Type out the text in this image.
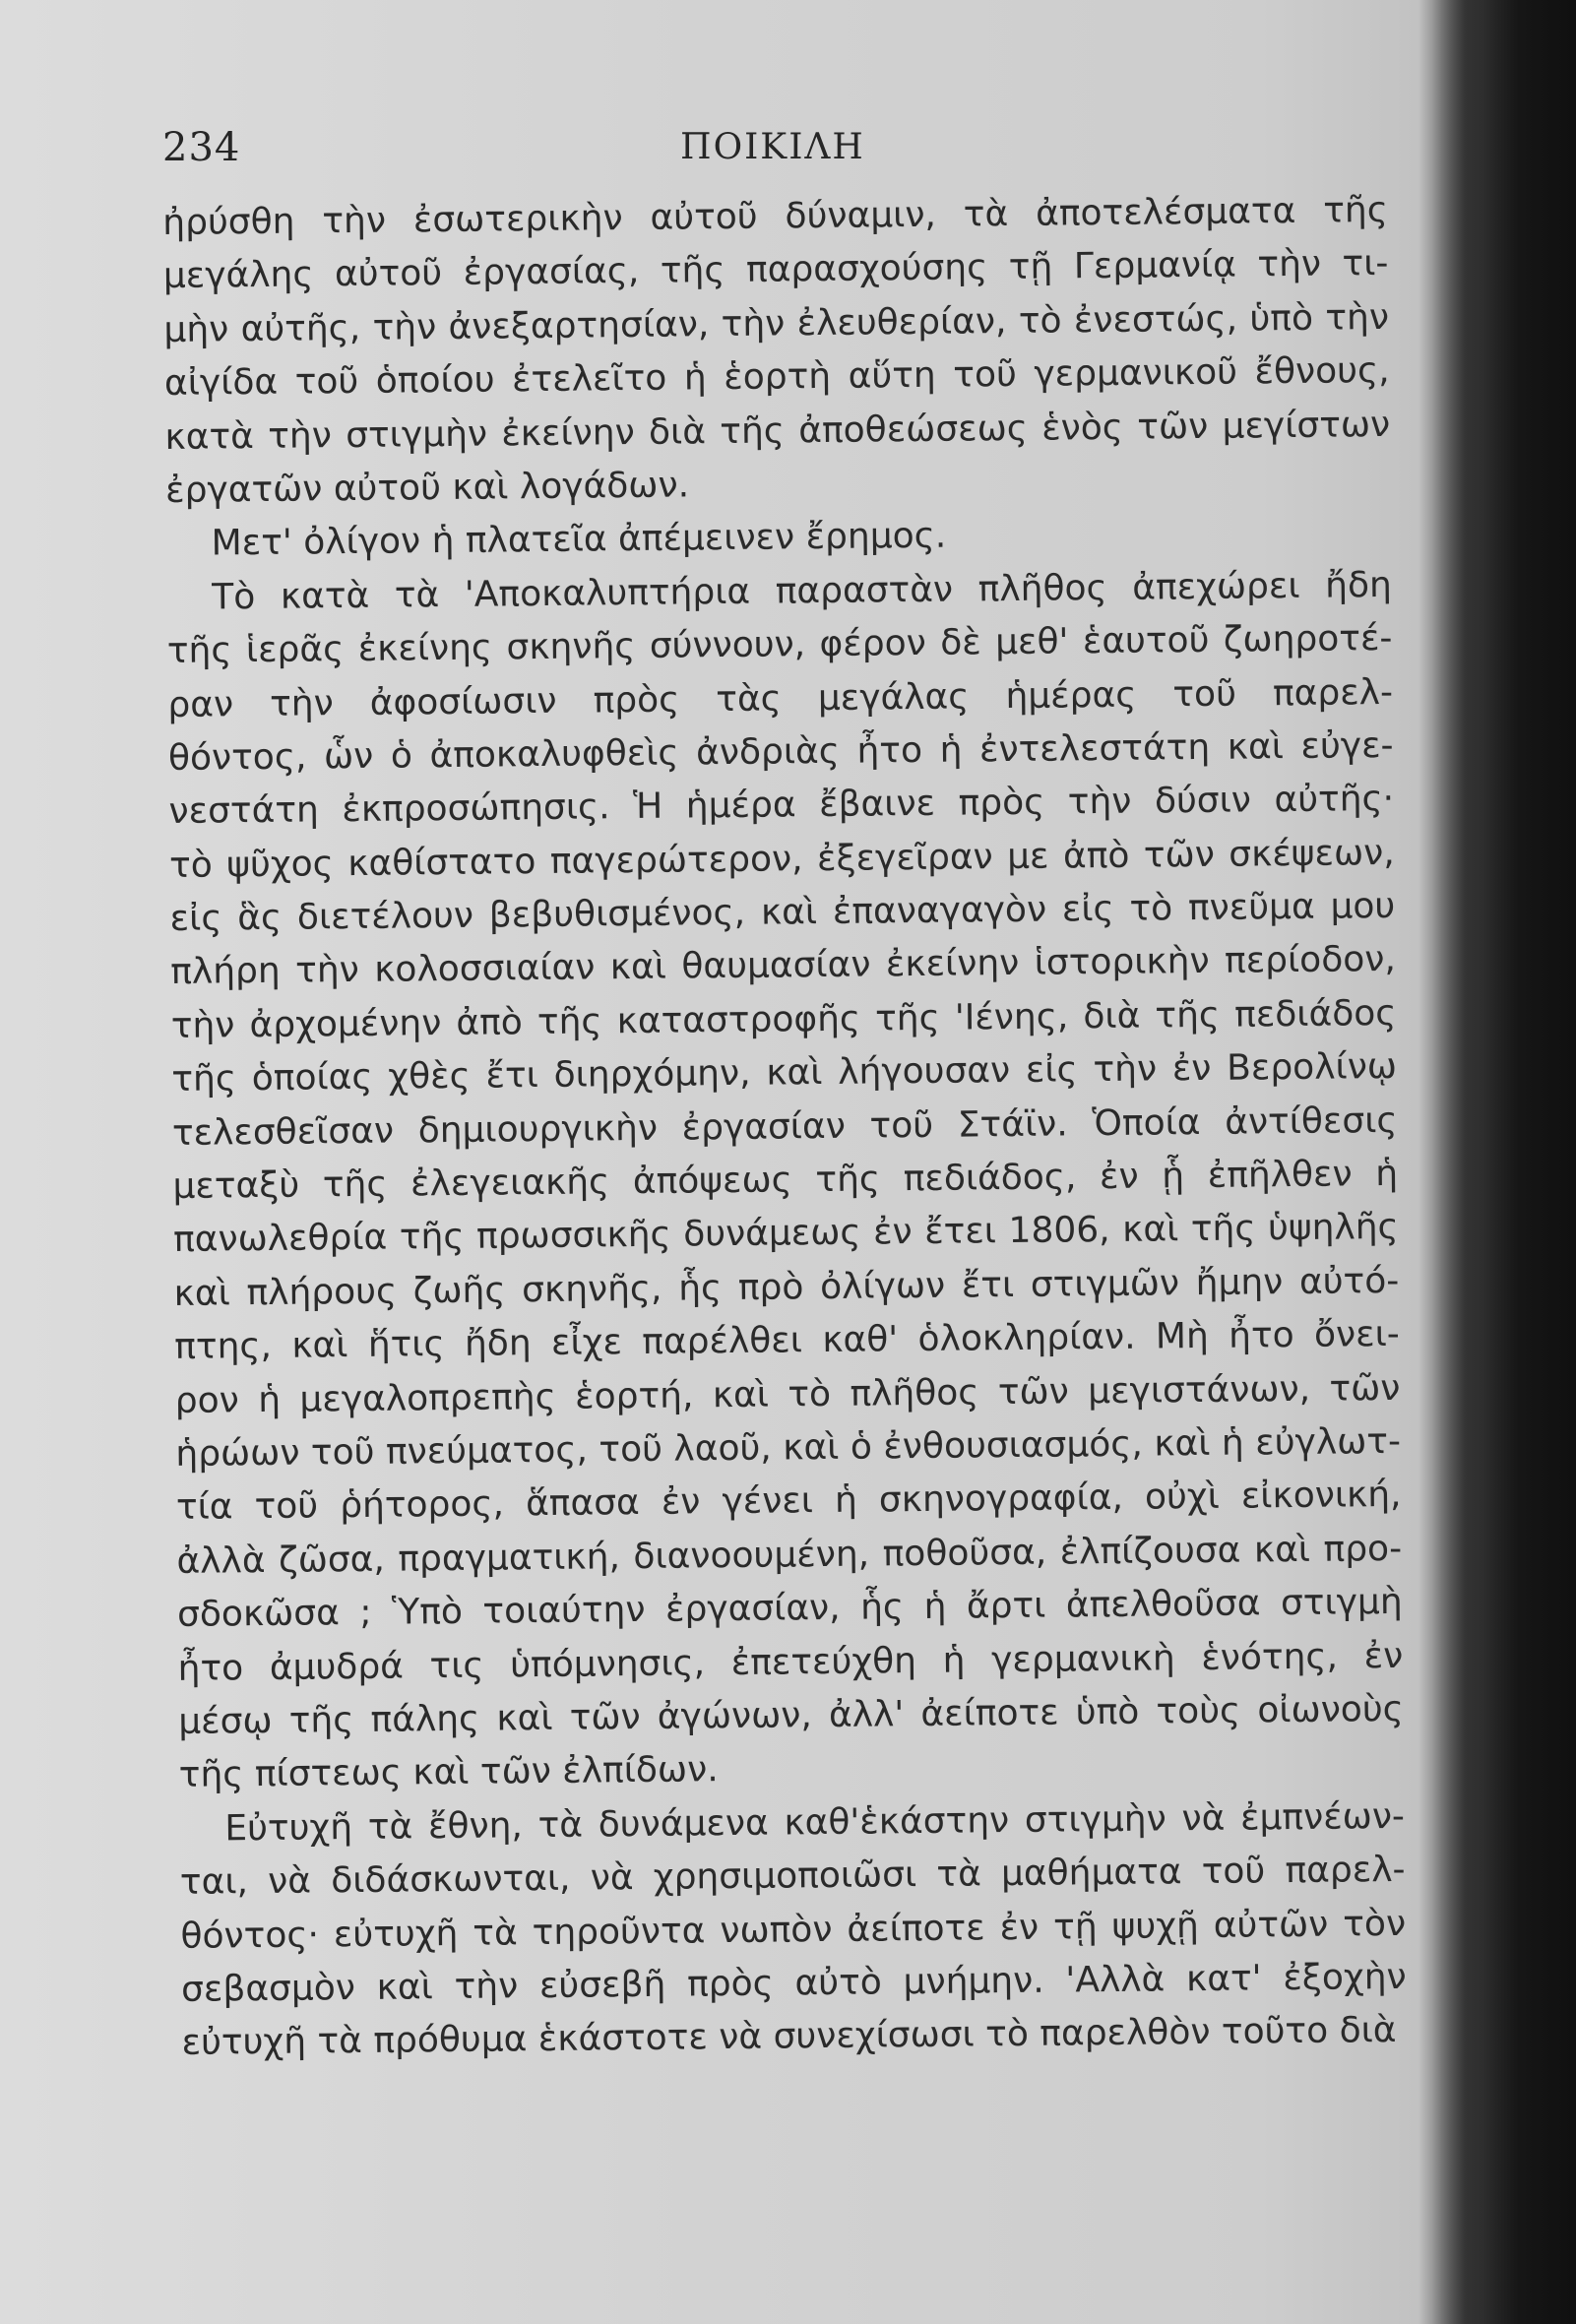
234	ΠΟΙΚΙΛΗ
ἠρύσθη τὴν ἐσωτερικὴν αὐτοῦ δύναμιν, τὰ ἀποτελέσματα τῆς
μεγάλης αὐτοῦ ἐργασίας, τῆς παρασχούσης τῇ Γερμανίᾳ τὴν τι-
μὴν αὐτῆς, τὴν ἀνεξαρτησίαν, τὴν ἐλευθερίαν, τὸ ἐνεστώς, ὑπὸ τὴν
αἰγίδα τοῦ ὁποίου ἐτελεῖτο ἡ ἑορτὴ αὕτη τοῦ γερμανικοῦ ἔθνους,
κατὰ τὴν στιγμὴν ἐκείνην διὰ τῆς ἀποθεώσεως ἑνὸς τῶν μεγίστων
ἐργατῶν αὐτοῦ καὶ λογάδων.
Μετ' ὀλίγον ἡ πλατεῖα ἀπέμεινεν ἔρημος.
Τὸ κατὰ τὰ 'Αποκαλυπτήρια παραστὰν πλῆθος ἀπεχώρει ἤδη
τῆς ἱερᾶς ἐκείνης σκηνῆς σύννουν, φέρον δὲ μεθ' ἑαυτοῦ ζωηροτέ-
ραν τὴν ἀφοσίωσιν πρὸς τὰς μεγάλας ἡμέρας τοῦ παρελ-
θόντος, ὧν ὁ ἀποκαλυφθεὶς ἀνδριὰς ἦτο ἡ ἐντελεστάτη καὶ εὐγε-
νεστάτη ἐκπροσώπησις. Ἡ ἡμέρα ἔβαινε πρὸς τὴν δύσιν αὐτῆς·
τὸ ψῦχος καθίστατο παγερώτερον, ἐξεγεῖραν με ἀπὸ τῶν σκέψεων,
εἰς ἃς διετέλουν βεβυθισμένος, καὶ ἐπαναγαγὸν εἰς τὸ πνεῦμα μου
πλήρη τὴν κολοσσιαίαν καὶ θαυμασίαν ἐκείνην ἱστορικὴν περίοδον,
τὴν ἀρχομένην ἀπὸ τῆς καταστροφῆς τῆς 'Ιένης, διὰ τῆς πεδιάδος
τῆς ὁποίας χθὲς ἔτι διηρχόμην, καὶ λήγουσαν εἰς τὴν ἐν Βερολίνῳ
τελεσθεῖσαν δημιουργικὴν ἐργασίαν τοῦ Στάϊν. Ὁποία ἀντίθεσις
μεταξὺ τῆς ἐλεγειακῆς ἀπόψεως τῆς πεδιάδος, ἐν ᾗ ἐπῆλθεν ἡ
πανωλεθρία τῆς πρωσσικῆς δυνάμεως ἐν ἔτει 1806, καὶ τῆς ὑψηλῆς
καὶ πλήρους ζωῆς σκηνῆς, ἧς πρὸ ὀλίγων ἔτι στιγμῶν ἤμην αὐτό-
πτης, καὶ ἥτις ἤδη εἶχε παρέλθει καθ' ὁλοκληρίαν. Μὴ ἦτο ὄνει-
ρον ἡ μεγαλοπρεπὴς ἑορτή, καὶ τὸ πλῆθος τῶν μεγιστάνων, τῶν
ἡρώων τοῦ πνεύματος, τοῦ λαοῦ, καὶ ὁ ἐνθουσιασμός, καὶ ἡ εὐγλωτ-
τία τοῦ ῥήτορος, ἅπασα ἐν γένει ἡ σκηνογραφία, οὐχὶ εἰκονική,
ἀλλὰ ζῶσα, πραγματική, διανοουμένη, ποθοῦσα, ἐλπίζουσα καὶ προ-
σδοκῶσα ; Ὑπὸ τοιαύτην ἐργασίαν, ἧς ἡ ἄρτι ἀπελθοῦσα στιγμὴ
ἦτο ἀμυδρά τις ὑπόμνησις, ἐπετεύχθη ἡ γερμανικὴ ἑνότης, ἐν
μέσῳ τῆς πάλης καὶ τῶν ἀγώνων, ἀλλ' ἀείποτε ὑπὸ τοὺς οἰωνοὺς
τῆς πίστεως καὶ τῶν ἐλπίδων.
Εὐτυχῆ τὰ ἔθνη, τὰ δυνάμενα καθ'ἑκάστην στιγμὴν νὰ ἐμπνέων-
ται, νὰ διδάσκωνται, νὰ χρησιμοποιῶσι τὰ μαθήματα τοῦ παρελ-
θόντος· εὐτυχῆ τὰ τηροῦντα νωπὸν ἀείποτε ἐν τῇ ψυχῇ αὐτῶν τὸν
σεβασμὸν καὶ τὴν εὐσεβῆ πρὸς αὐτὸ μνήμην. 'Αλλὰ κατ' ἐξοχὴν
εὐτυχῆ τὰ πρόθυμα ἑκάστοτε νὰ συνεχίσωσι τὸ παρελθὸν τοῦτο διὰ
